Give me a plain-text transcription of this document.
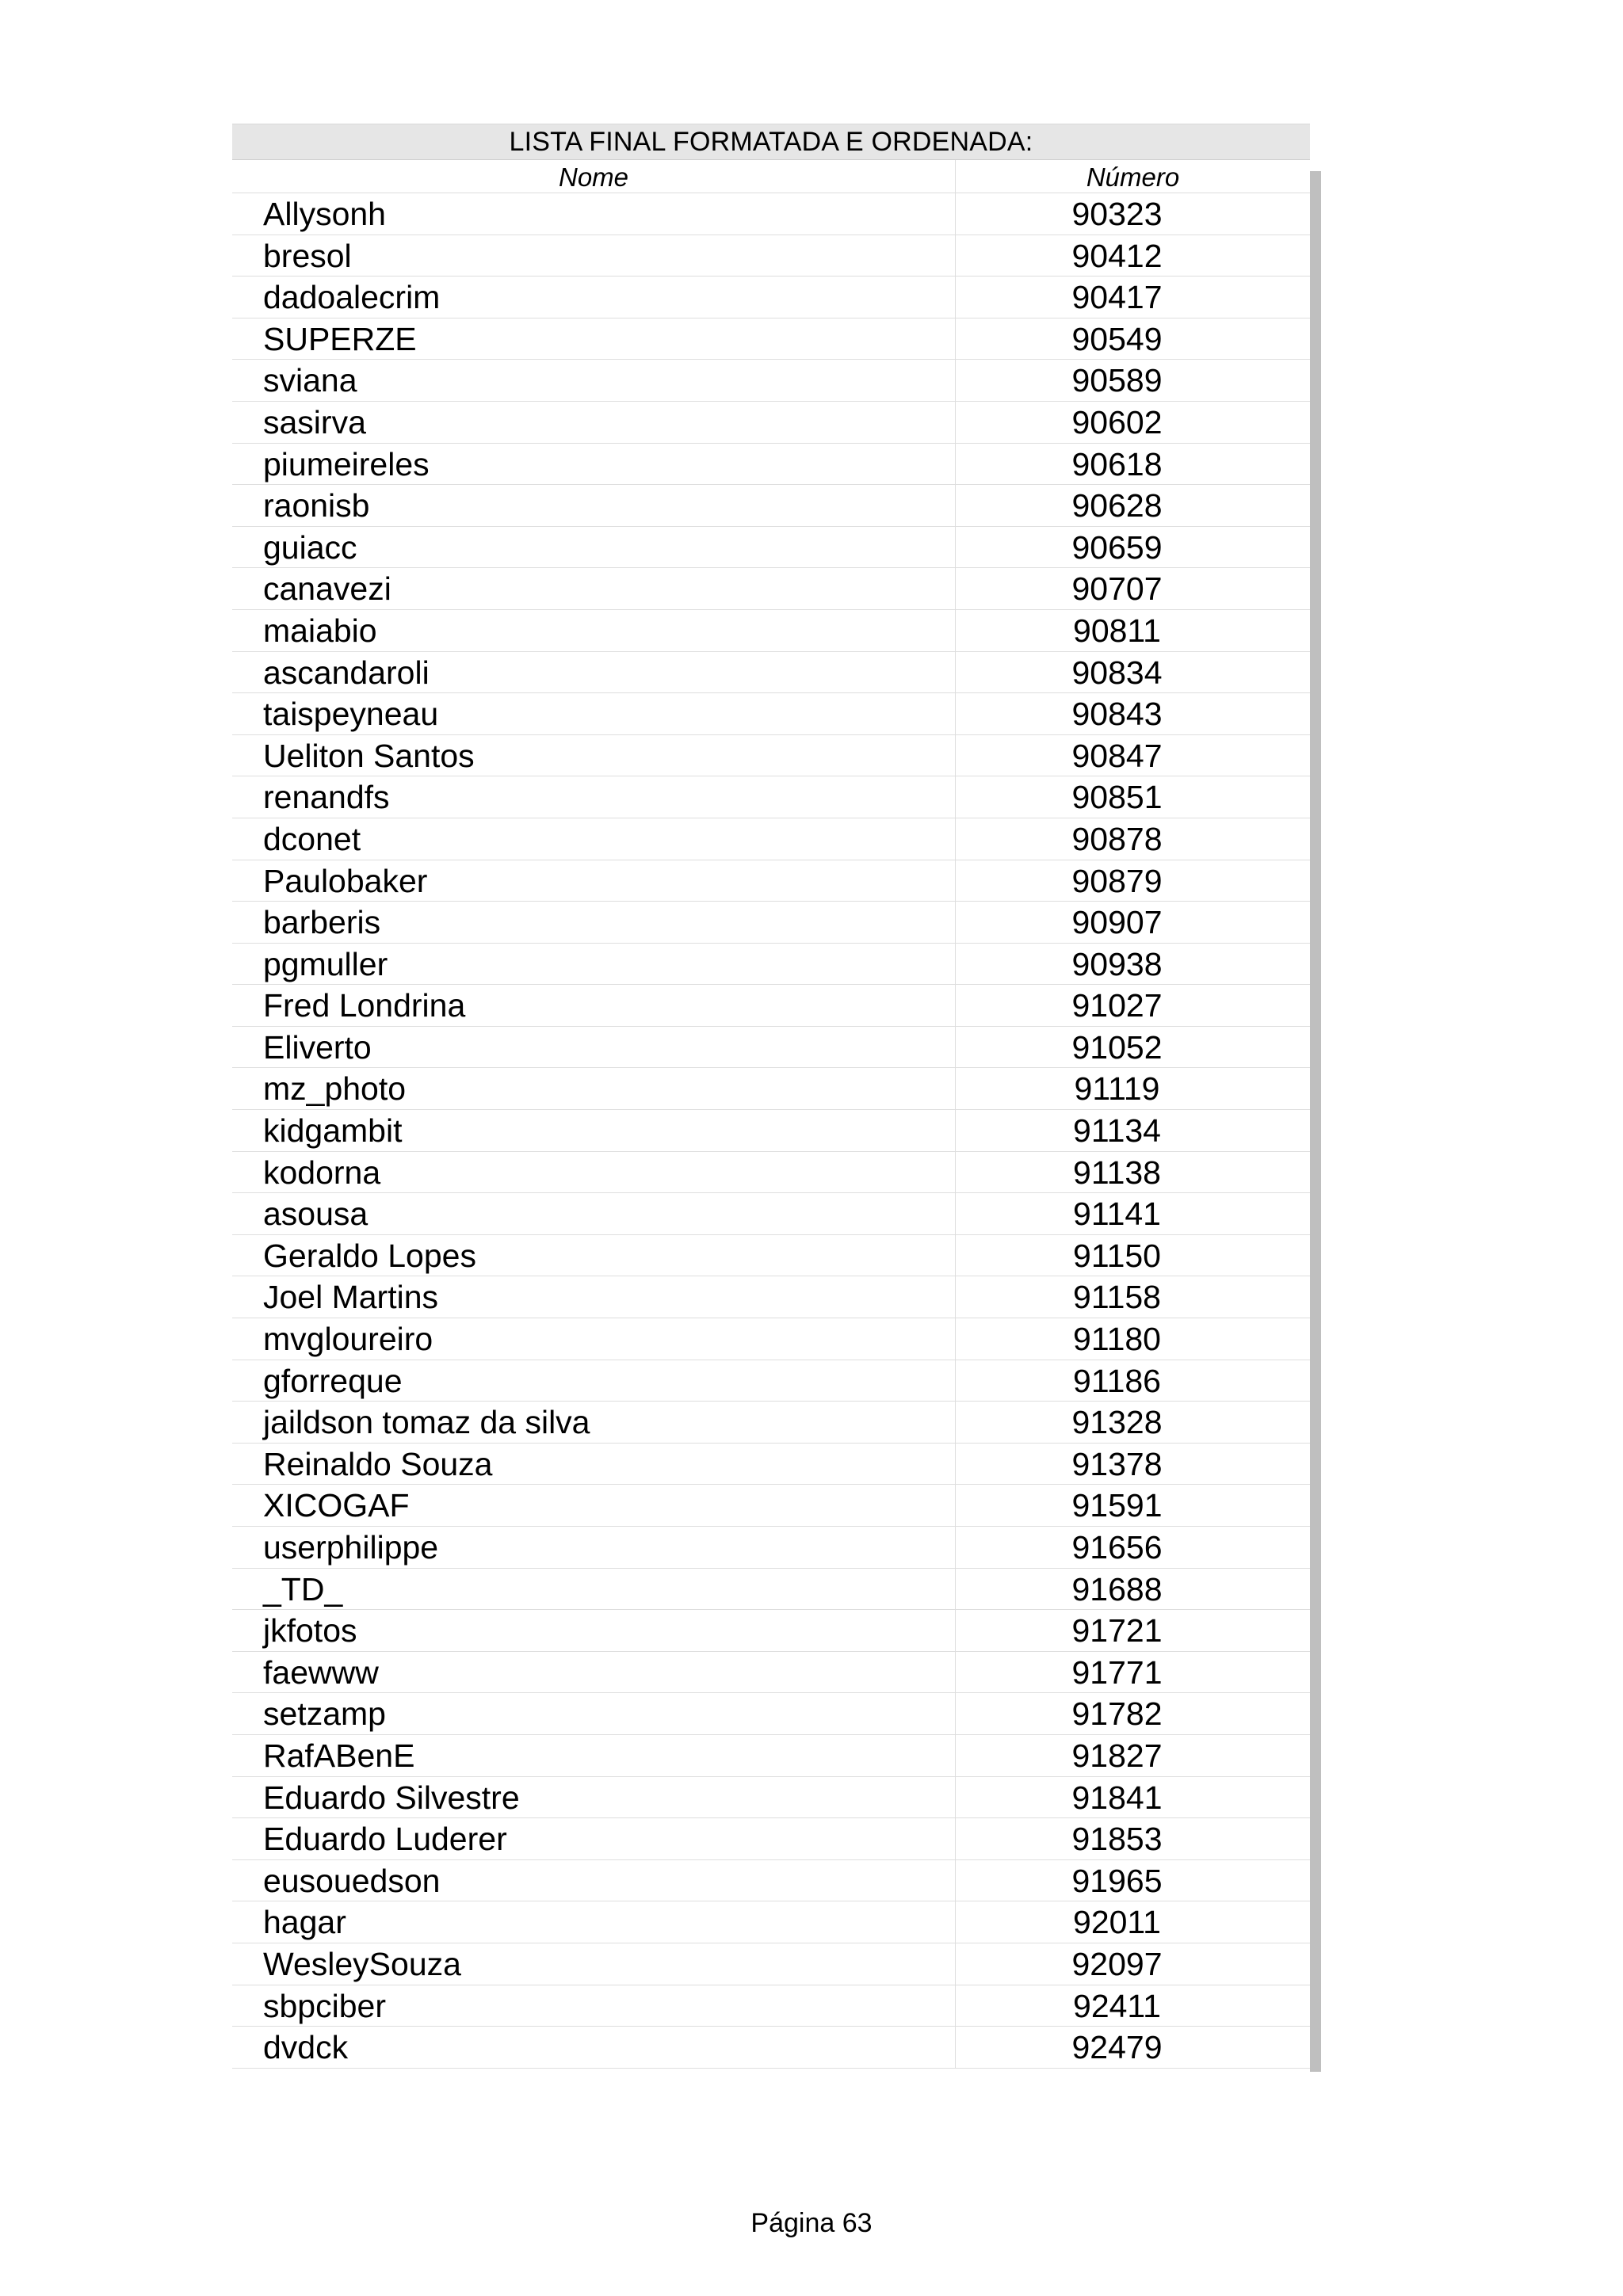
LISTA FINAL FORMATADA E ORDENADA:
Nome	Número
Allysonh	90323
bresol	90412
dadoalecrim	90417
SUPERZE	90549
sviana	90589
sasirva	90602
piumeireles	90618
raonisb	90628
guiacc	90659
canavezi	90707
maiabio	90811
ascandaroli	90834
taispeyneau	90843
Ueliton Santos	90847
renandfs	90851
dconet	90878
Paulobaker	90879
barberis	90907
pgmuller	90938
Fred Londrina	91027
Eliverto	91052
mz_photo	91119
kidgambit	91134
kodorna	91138
asousa	91141
Geraldo Lopes	91150
Joel Martins	91158
mvgloureiro	91180
gforreque	91186
jaildson tomaz da silva	91328
Reinaldo Souza	91378
XICOGAF	91591
userphilippe	91656
_TD_	91688
jkfotos	91721
faewww	91771
setzamp	91782
RafABenE	91827
Eduardo Silvestre	91841
Eduardo Luderer	91853
eusouedson	91965
hagar	92011
WesleySouza	92097
sbpciber	92411
dvdck	92479
Página 63
